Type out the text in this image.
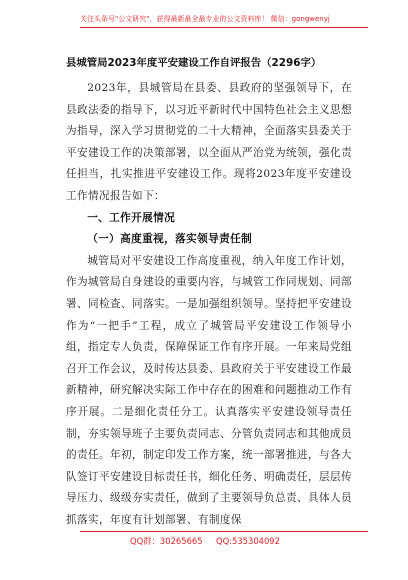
关注头条号"公文研究"，获得最新最全最专业的公文资料库！ 微信：gongwenyj
县城管局2023年度平安建设工作自评报告（2296字）

2023年，县城管局在县委、县政府的坚强领导下，在县政法委的指导下，以习近平新时代中国特色社会主义思想为指导，深入学习贯彻党的二十大精神，全面落实县委关于平安建设工作的决策部署，以全面从严治党为统领，强化责任担当，扎实推进平安建设工作。现将2023年度平安建设工作情况报告如下：

一、工作开展情况
（一）高度重视，落实领导责任制

城管局对平安建设工作高度重视，纳入年度工作计划，作为城管局自身建设的重要内容，与城管工作同规划、同部署、同检查、同落实。一是加强组织领导。坚持把平安建设作为“一把手”工程，成立了城管局平安建设工作领导小组，指定专人负责，保障保证工作有序开展。一年来局党组召开工作会议，及时传达县委、县政府关于平安建设工作最新精神，研究解决实际工作中存在的困难和问题推动工作有序开展。二是细化责任分工。认真落实平安建设领导责任制，夯实领导班子主要负责同志、分管负责同志和其他成员的责任。年初，制定印发工作方案，统一部署推进，与各大队签订平安建设目标责任书，细化任务、明确责任，层层传导压力、级级夯实责任，做到了主要领导负总责、具体人员抓落实，年度有计划部署、有制度保

QQ群：30265665 QQ:535304092
